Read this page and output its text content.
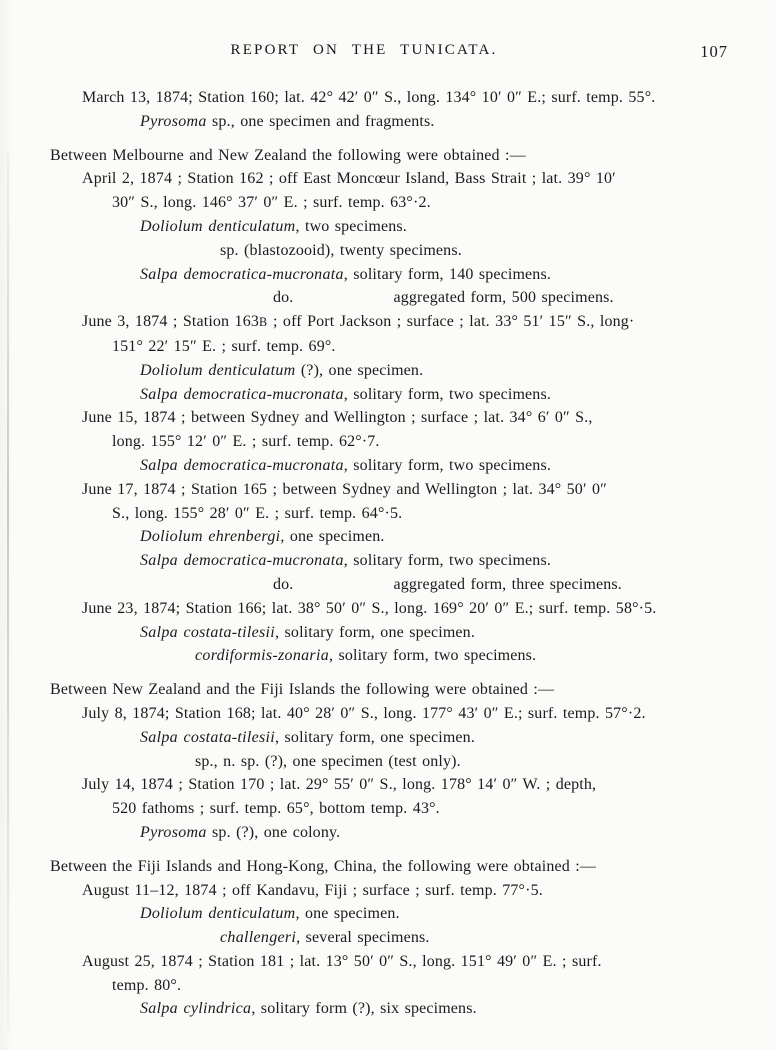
REPORT ON THE TUNICATA.	107
March 13, 1874; Station 160; lat. 42° 42′ 0″ S., long. 134° 10′ 0″ E.; surf. temp. 55°.
Pyrosoma sp., one specimen and fragments.
Between Melbourne and New Zealand the following were obtained :—
April 2, 1874 ; Station 162 ; off East Moncœur Island, Bass Strait ; lat. 39° 10′
30″ S., long. 146° 37′ 0″ E. ; surf. temp. 63°·2.
Doliolum denticulatum, two specimens.
sp. (blastozooid), twenty specimens.
Salpa democratica-mucronata, solitary form, 140 specimens.
do.	aggregated form, 500 specimens.
June 3, 1874 ; Station 163B ; off Port Jackson ; surface ; lat. 33° 51′ 15″ S., long·
151° 22′ 15″ E. ; surf. temp. 69°.
Doliolum denticulatum (?), one specimen.
Salpa democratica-mucronata, solitary form, two specimens.
June 15, 1874 ; between Sydney and Wellington ; surface ; lat. 34° 6′ 0″ S.,
long. 155° 12′ 0″ E. ; surf. temp. 62°·7.
Salpa democratica-mucronata, solitary form, two specimens.
June 17, 1874 ; Station 165 ; between Sydney and Wellington ; lat. 34° 50′ 0″
S., long. 155° 28′ 0″ E. ; surf. temp. 64°·5.
Doliolum ehrenbergi, one specimen.
Salpa democratica-mucronata, solitary form, two specimens.
do.	aggregated form, three specimens.
June 23, 1874; Station 166; lat. 38° 50′ 0″ S., long. 169° 20′ 0″ E.; surf. temp. 58°·5.
Salpa costata-tilesii, solitary form, one specimen.
cordiformis-zonaria, solitary form, two specimens.
Between New Zealand and the Fiji Islands the following were obtained :—
July 8, 1874; Station 168; lat. 40° 28′ 0″ S., long. 177° 43′ 0″ E.; surf. temp. 57°·2.
Salpa costata-tilesii, solitary form, one specimen.
sp., n. sp. (?), one specimen (test only).
July 14, 1874 ; Station 170 ; lat. 29° 55′ 0″ S., long. 178° 14′ 0″ W. ; depth,
520 fathoms ; surf. temp. 65°, bottom temp. 43°.
Pyrosoma sp. (?), one colony.
Between the Fiji Islands and Hong-Kong, China, the following were obtained :—
August 11–12, 1874 ; off Kandavu, Fiji ; surface ; surf. temp. 77°·5.
Doliolum denticulatum, one specimen.
challengeri, several specimens.
August 25, 1874 ; Station 181 ; lat. 13° 50′ 0″ S., long. 151° 49′ 0″ E. ; surf.
temp. 80°.
Salpa cylindrica, solitary form (?), six specimens.
